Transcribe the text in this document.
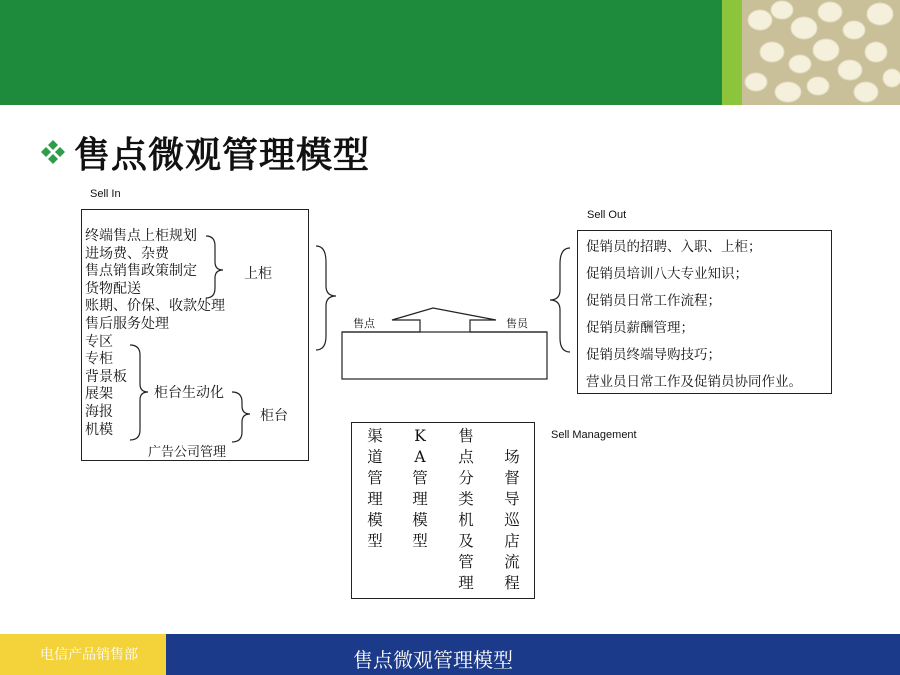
售点微观管理模型
Sell In
终端售点上柜规划
进场费、杂费
售点销售政策制定
货物配送
账期、价保、收款处理
售后服务处理
专区
专柜
背景板
展架
海报
机模
上柜
柜台生动化
柜台
广告公司管理
售点	售员
Sell Out
促销员的招聘、入职、上柜；
促销员培训八大专业知识；
促销员日常工作流程；
促销员薪酬管理；
促销员终端导购技巧；
营业员日常工作及促销员协同作业。
Sell Management
渠
道
管
理
模
型
K
A
管
理
模
型
售
点
分
类
机
及
管
理
场
督
导
巡
店
流
程
电信产品销售部	售点微观管理模型
